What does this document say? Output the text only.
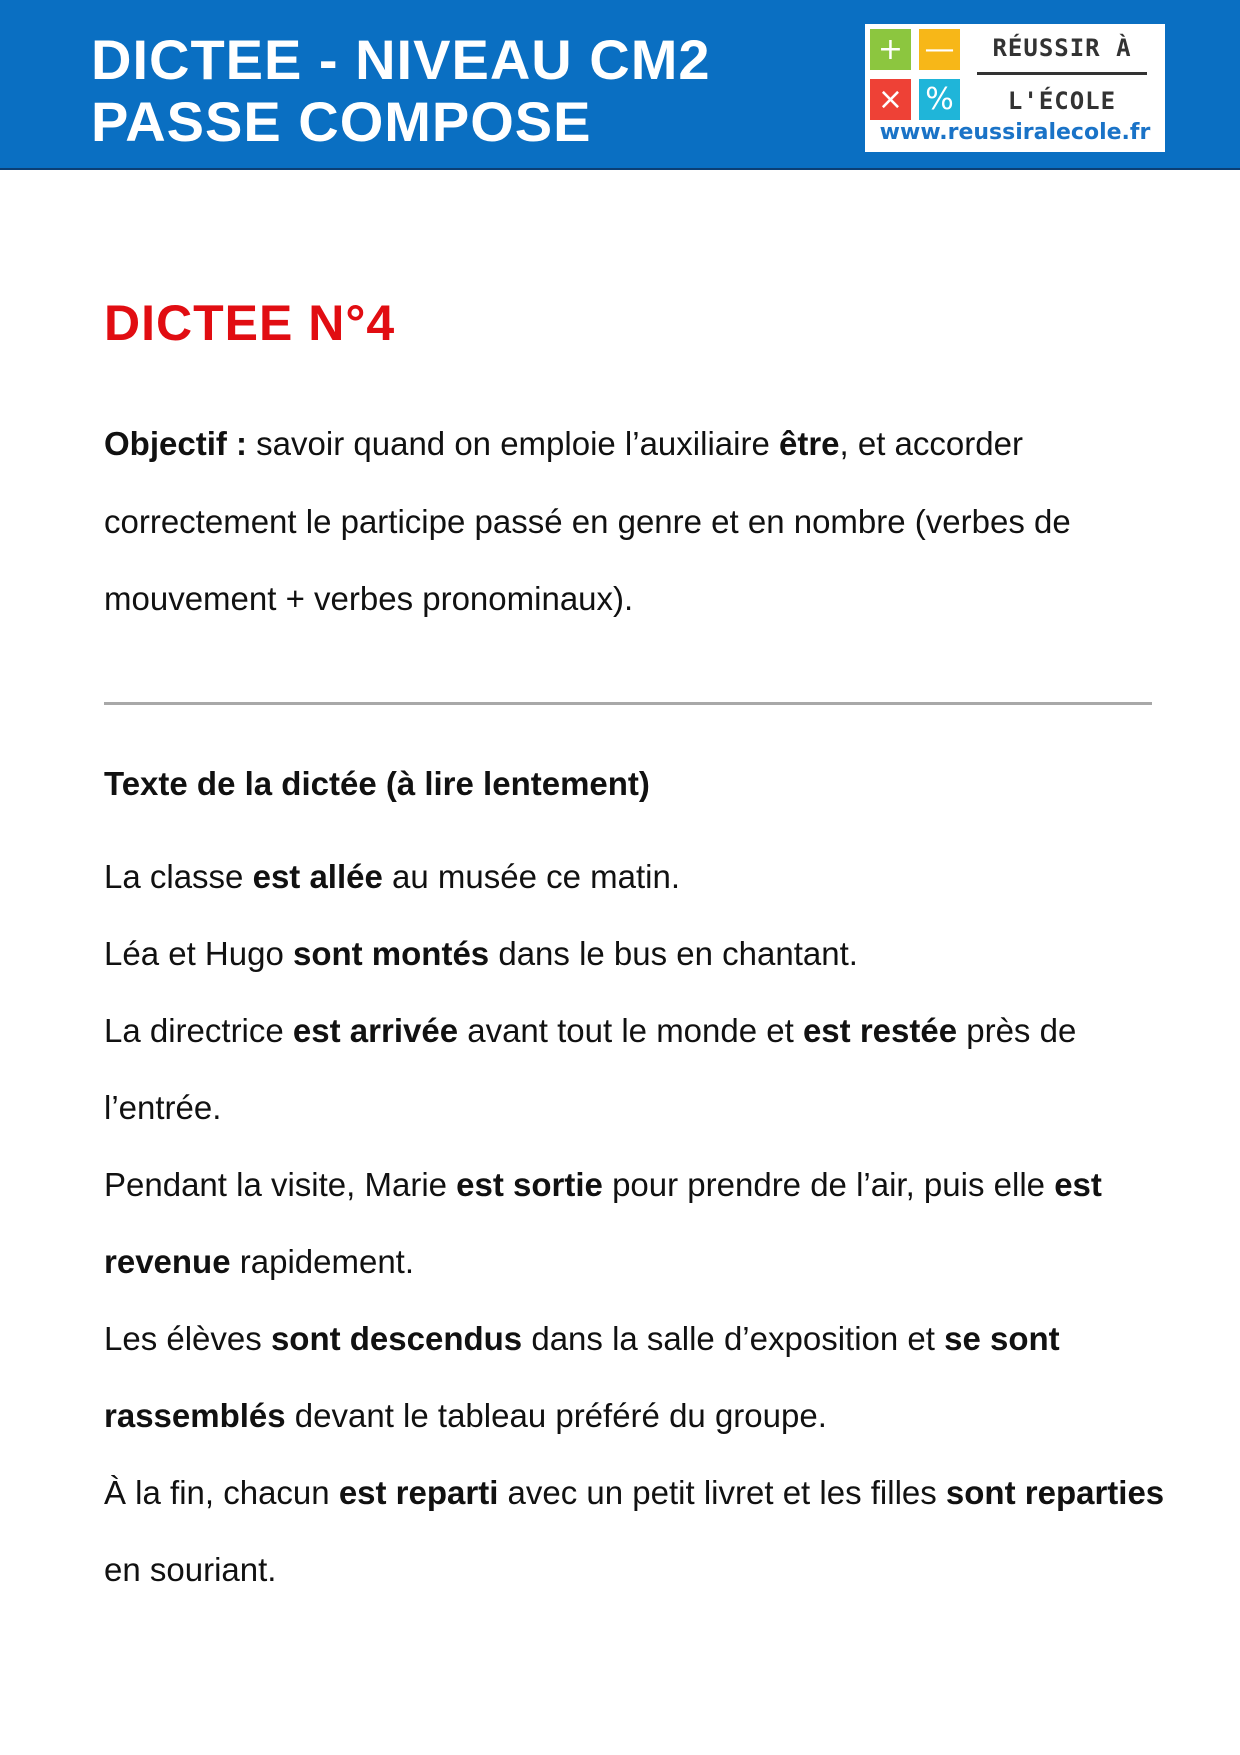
DICTEE - NIVEAU CM2
PASSE COMPOSE
+ —
× %
RÉUSSIR À
L'ÉCOLE
www.reussiralecole.fr
DICTEE N°4

Objectif : savoir quand on emploie l’auxiliaire être, et accorder correctement le participe passé en genre et en nombre (verbes de mouvement + verbes pronominaux).

Texte de la dictée (à lire lentement)

La classe est allée au musée ce matin.

Léa et Hugo sont montés dans le bus en chantant.

La directrice est arrivée avant tout le monde et est restée près de l’entrée.

Pendant la visite, Marie est sortie pour prendre de l’air, puis elle est revenue rapidement.

Les élèves sont descendus dans la salle d’exposition et se sont rassemblés devant le tableau préféré du groupe.

À la fin, chacun est reparti avec un petit livret et les filles sont reparties en souriant.
